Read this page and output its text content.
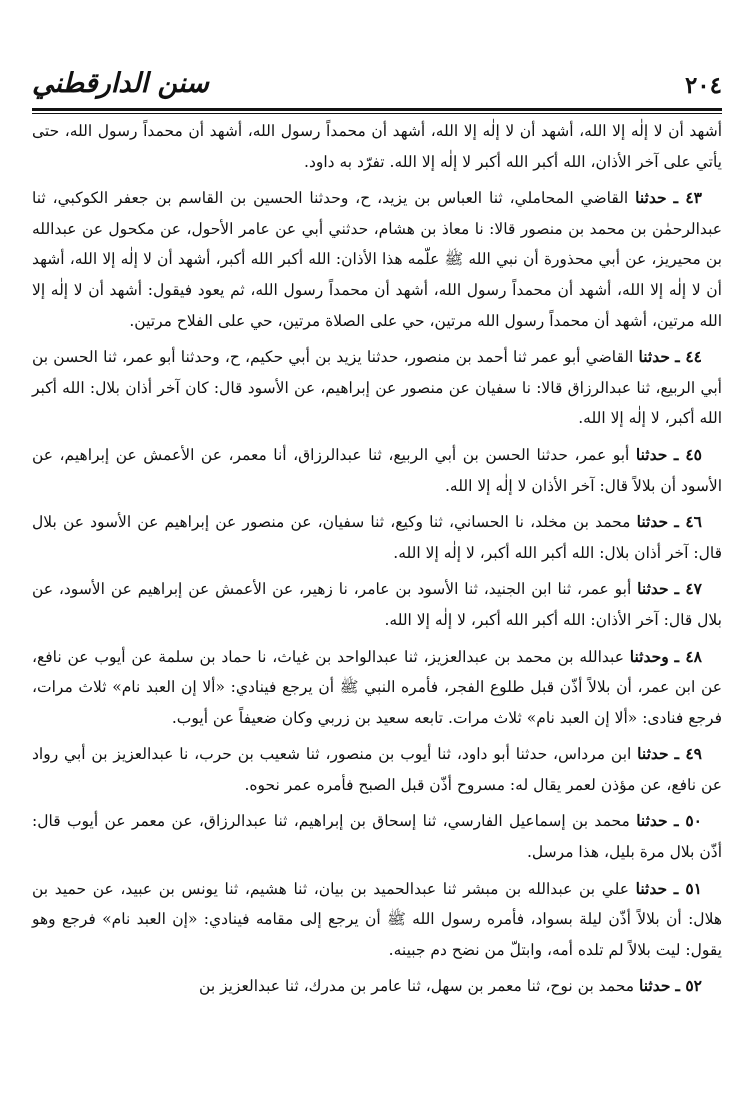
٢٠٤
سنن الدارقطني

أشهد أن لا إلٰه إلا الله، أشهد أن لا إلٰه إلا الله، أشهد أن محمداً رسول الله، أشهد أن محمداً رسول الله، حتى يأتي على آخر الأذان، الله أكبر الله أكبر لا إلٰه إلا الله. تفرّد به داود.

٤٣ ـ حدثنا القاضي المحاملي، ثنا العباس بن يزيد، ح، وحدثنا الحسين بن القاسم بن جعفر الكوكبي، ثنا عبدالرحمٰن بن محمد بن منصور قالا: نا معاذ بن هشام، حدثني أبي عن عامر الأحول، عن مكحول عن عبدالله بن محيريز، عن أبي محذورة أن نبي الله ﷺ علّمه هذا الأذان: الله أكبر الله أكبر، أشهد أن لا إلٰه إلا الله، أشهد أن لا إلٰه إلا الله، أشهد أن محمداً رسول الله، أشهد أن محمداً رسول الله، ثم يعود فيقول: أشهد أن لا إلٰه إلا الله مرتين، أشهد أن محمداً رسول الله مرتين، حي على الصلاة مرتين، حي على الفلاح مرتين.

٤٤ ـ حدثنا القاضي أبو عمر ثنا أحمد بن منصور، حدثنا يزيد بن أبي حكيم، ح، وحدثنا أبو عمر، ثنا الحسن بن أبي الربيع، ثنا عبدالرزاق قالا: نا سفيان عن منصور عن إبراهيم، عن الأسود قال: كان آخر أذان بلال: الله أكبر الله أكبر، لا إلٰه إلا الله.

٤٥ ـ حدثنا أبو عمر، حدثنا الحسن بن أبي الربيع، ثنا عبدالرزاق، أنا معمر، عن الأعمش عن إبراهيم، عن الأسود أن بلالاً قال: آخر الأذان لا إلٰه إلا الله.

٤٦ ـ حدثنا محمد بن مخلد، نا الحساني، ثنا وكيع، ثنا سفيان، عن منصور عن إبراهيم عن الأسود عن بلال قال: آخر أذان بلال: الله أكبر الله أكبر، لا إلٰه إلا الله.

٤٧ ـ حدثنا أبو عمر، ثنا ابن الجنيد، ثنا الأسود بن عامر، نا زهير، عن الأعمش عن إبراهيم عن الأسود، عن بلال قال: آخر الأذان: الله أكبر الله أكبر، لا إلٰه إلا الله.

٤٨ ـ وحدثنا عبدالله بن محمد بن عبدالعزيز، ثنا عبدالواحد بن غياث، نا حماد بن سلمة عن أيوب عن نافع، عن ابن عمر، أن بلالاً أذّن قبل طلوع الفجر، فأمره النبي ﷺ أن يرجع فينادي: «ألا إن العبد نام» ثلاث مرات، فرجع فنادى: «ألا إن العبد نام» ثلاث مرات. تابعه سعيد بن زربي وكان ضعيفاً عن أيوب.

٤٩ ـ حدثنا ابن مرداس، حدثنا أبو داود، ثنا أيوب بن منصور، ثنا شعيب بن حرب، نا عبدالعزيز بن أبي رواد عن نافع، عن مؤذن لعمر يقال له: مسروح أذّن قبل الصبح فأمره عمر نحوه.

٥٠ ـ حدثنا محمد بن إسماعيل الفارسي، ثنا إسحاق بن إبراهيم، ثنا عبدالرزاق، عن معمر عن أيوب قال: أذّن بلال مرة بليل، هذا مرسل.

٥١ ـ حدثنا علي بن عبدالله بن مبشر ثنا عبدالحميد بن بيان، ثنا هشيم، ثنا يونس بن عبيد، عن حميد بن هلال: أن بلالاً أذّن ليلة بسواد، فأمره رسول الله ﷺ أن يرجع إلى مقامه فينادي: «إن العبد نام» فرجع وهو يقول: ليت بلالاً لم تلده أمه، وابتلّ من نضح دم جبينه.

٥٢ ـ حدثنا محمد بن نوح، ثنا معمر بن سهل، ثنا عامر بن مدرك، ثنا عبدالعزيز بن
